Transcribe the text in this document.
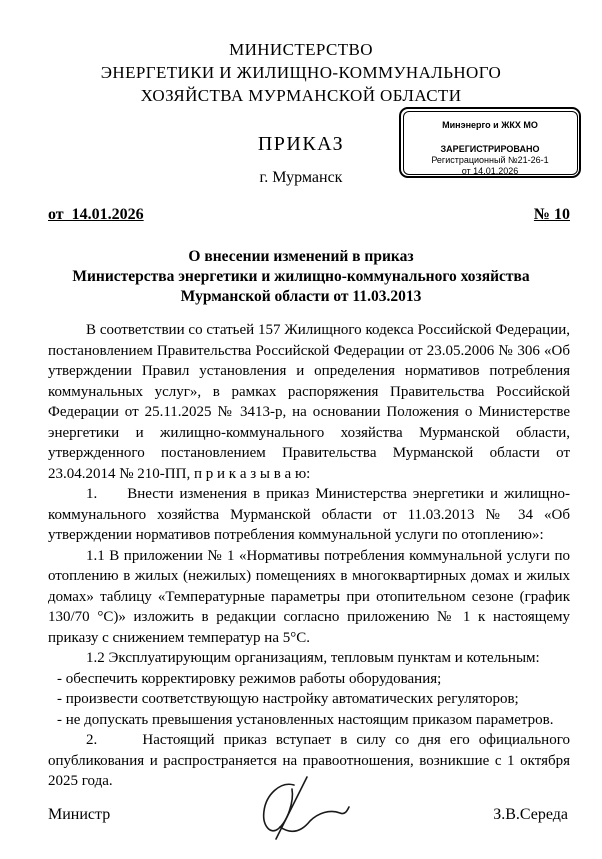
МИНИСТЕРСТВО
ЭНЕРГЕТИКИ И ЖИЛИЩНО-КОММУНАЛЬНОГО
ХОЗЯЙСТВА МУРМАНСКОЙ ОБЛАСТИ
ПРИКАЗ
г. Мурманск
Минэнерго и ЖКХ МО
ЗАРЕГИСТРИРОВАНО
Регистрационный №21-26-1
от 14.01.2026
от  14.01.2026	№ 10
О внесении изменений в приказ
Министерства энергетики и жилищно-коммунального хозяйства
Мурманской области от 11.03.2013

В соответствии со статьей 157 Жилищного кодекса Российской Федерации, постановлением Правительства Российской Федерации от 23.05.2006 № 306 «Об утверждении Правил установления и определения нормативов потребления коммунальных услуг», в рамках распоряжения Правительства Российской Федерации от 25.11.2025 № 3413-р, на основании Положения о Министерстве энергетики и жилищно-коммунального хозяйства Мурманской области, утвержденного постановлением Правительства Мурманской области от 23.04.2014 № 210-ПП, п р и к а з ы в а ю:

1.     Внести изменения в приказ Министерства энергетики и жилищно-коммунального хозяйства Мурманской области от 11.03.2013 № 34 «Об утверждении нормативов потребления коммунальной услуги по отоплению»:

1.1 В приложении № 1 «Нормативы потребления коммунальной услуги по отоплению в жилых (нежилых) помещениях в многоквартирных домах и жилых домах» таблицу «Температурные параметры при отопительном сезоне (график 130/70 °С)» изложить в редакции согласно приложению № 1 к настоящему приказу с снижением температур на 5°С.

1.2 Эксплуатирующим организациям, тепловым пунктам и котельным:

- обеспечить корректировку режимов работы оборудования;

- произвести соответствующую настройку автоматических регуляторов;

- не допускать превышения установленных настоящим приказом параметров.

2.     Настоящий приказ вступает в силу со дня его официального опубликования и распространяется на правоотношения, возникшие с 1 октября 2025 года.

Министр	З.В.Середа
